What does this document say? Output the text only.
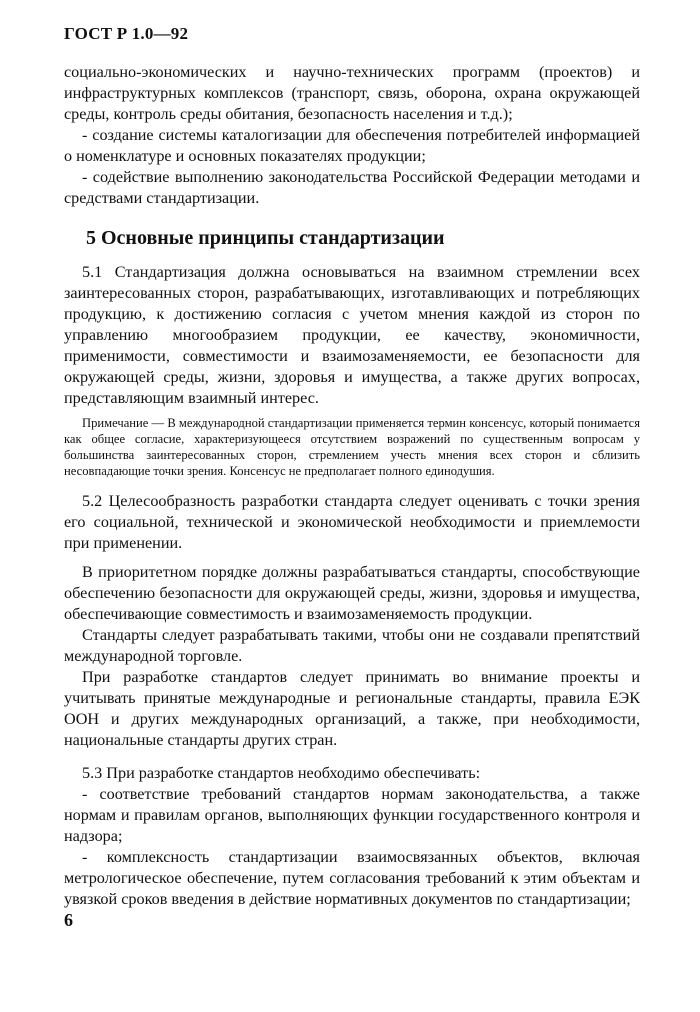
ГОСТ Р 1.0—92

социально-экономических и научно-технических программ (проектов) и инфраструктурных комплексов (транспорт, связь, оборона, охрана окружающей среды, контроль среды обитания, безопасность населения и т.д.);

- создание системы каталогизации для обеспечения потребителей информацией о номенклатуре и основных показателях продукции;

- содействие выполнению законодательства Российской Федерации методами и средствами стандартизации.

5 Основные принципы стандартизации

5.1 Стандартизация должна основываться на взаимном стремлении всех заинтересованных сторон, разрабатывающих, изготавливающих и потребляющих продукцию, к достижению согласия с учетом мнения каждой из сторон по управлению многообразием продукции, ее качеству, экономичности, применимости, совместимости и взаимозаменяемости, ее безопасности для окружающей среды, жизни, здоровья и имущества, а также других вопросах, представляющим взаимный интерес.

Примечание — В международной стандартизации применяется термин консенсус, который понимается как общее согласие, характеризующееся отсутствием возражений по существенным вопросам у большинства заинтересованных сторон, стремлением учесть мнения всех сторон и сблизить несовпадающие точки зрения. Консенсус не предполагает полного единодушия.

5.2 Целесообразность разработки стандарта следует оценивать с точки зрения его социальной, технической и экономической необходимости и приемлемости при применении.

В приоритетном порядке должны разрабатываться стандарты, способствующие обеспечению безопасности для окружающей среды, жизни, здоровья и имущества, обеспечивающие совместимость и взаимозаменяемость продукции.

Стандарты следует разрабатывать такими, чтобы они не создавали препятствий международной торговле.

При разработке стандартов следует принимать во внимание проекты и учитывать принятые международные и региональные стандарты, правила ЕЭК ООН и других международных организаций, а также, при необходимости, национальные стандарты других стран.

5.3 При разработке стандартов необходимо обеспечивать:

- соответствие требований стандартов нормам законодательства, а также нормам и правилам органов, выполняющих функции государственного контроля и надзора;

- комплексность стандартизации взаимосвязанных объектов, включая метрологическое обеспечение, путем согласования требований к этим объектам и увязкой сроков введения в действие нормативных документов по стандартизации;

6
